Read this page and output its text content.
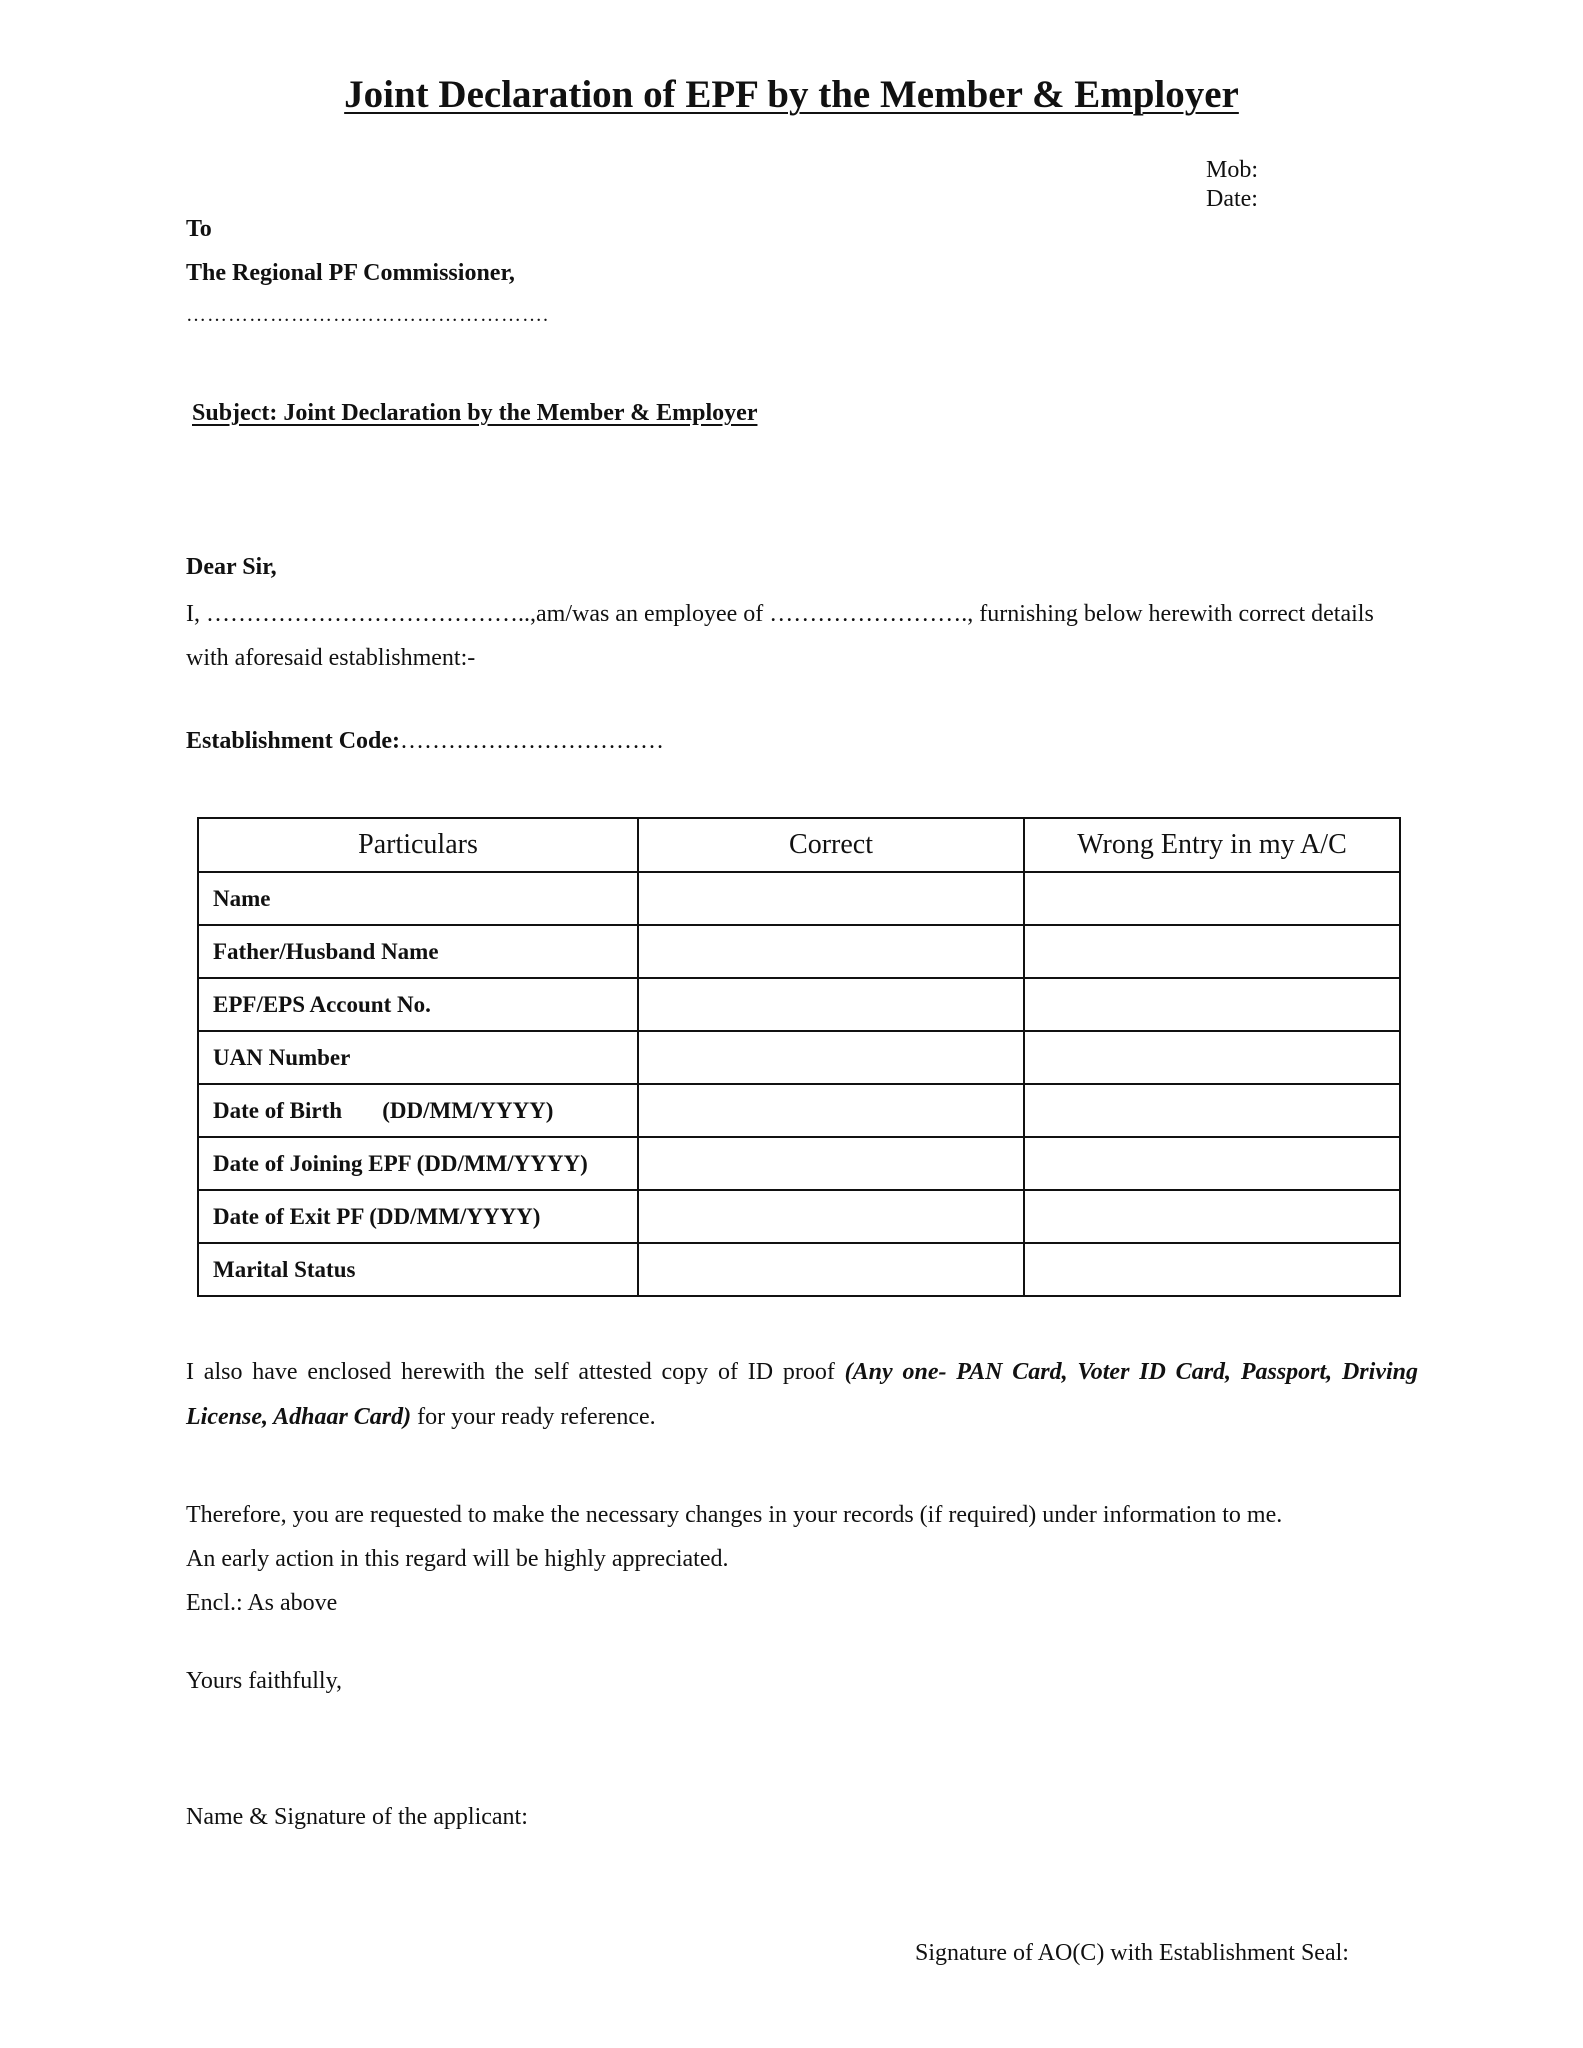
Joint Declaration of EPF by the Member & Employer
Mob:
Date:
To
The Regional PF Commissioner,
…………………………………………….
Subject: Joint Declaration by the Member & Employer
Dear Sir,
I, …………………………………..,am/was an employee of ……………………., furnishing below herewith correct details with aforesaid establishment:-
Establishment Code:……………………………
Particulars	Correct	Wrong Entry in my A/C
Name		
Father/Husband Name		
EPF/EPS Account No.		
UAN Number		
Date of Birth       (DD/MM/YYYY)		
Date of Joining EPF (DD/MM/YYYY)		
Date of Exit PF (DD/MM/YYYY)		
Marital Status		
I also have enclosed herewith the self attested copy of ID proof (Any one- PAN Card, Voter ID Card, Passport, Driving License, Adhaar Card) for your ready reference.
Therefore, you are requested to make the necessary changes in your records (if required) under information to me.
An early action in this regard will be highly appreciated.
Encl.: As above
Yours faithfully,
Name & Signature of the applicant:
Signature of AO(C) with Establishment Seal:
